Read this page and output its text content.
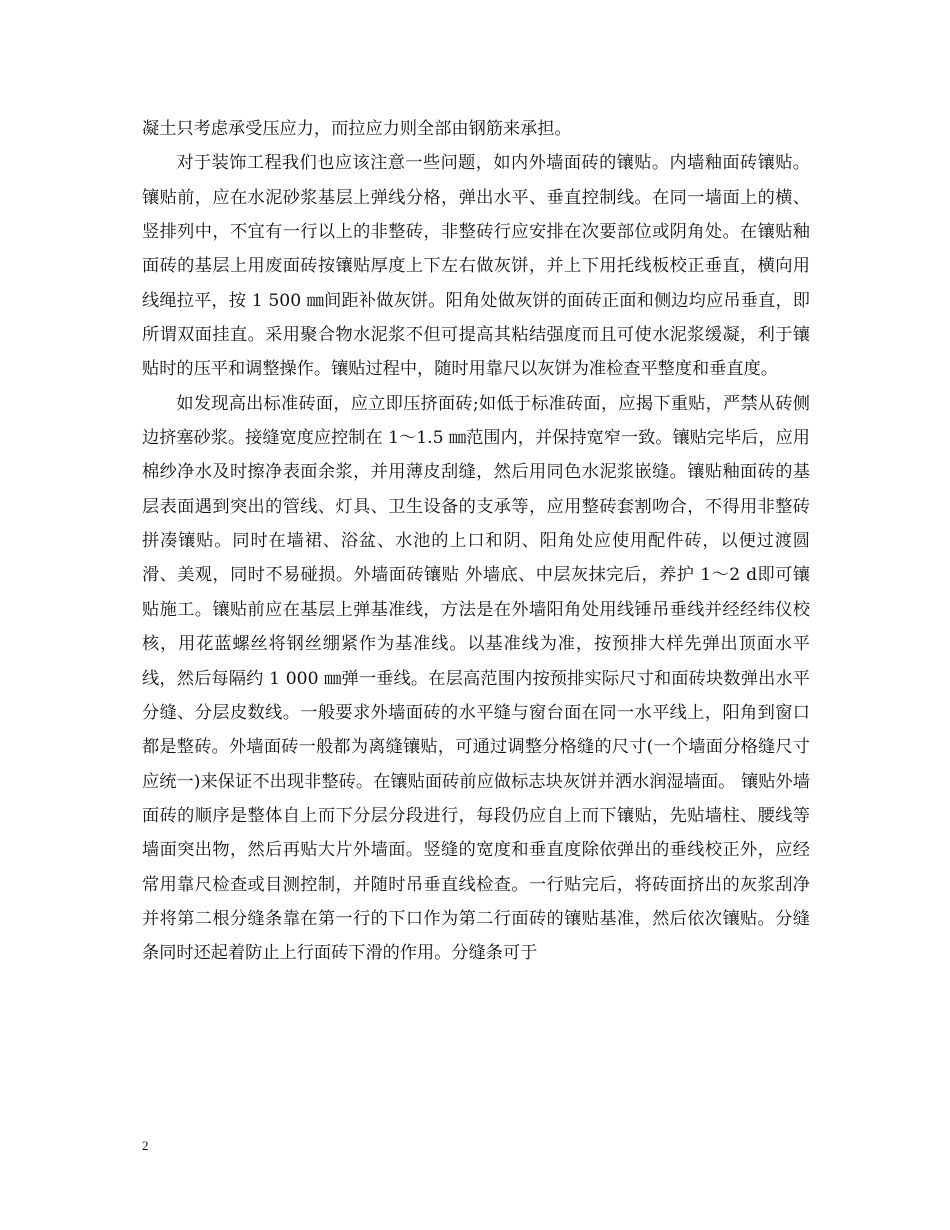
凝土只考虑承受压应力，而拉应力则全部由钢筋来承担。

对于装饰工程我们也应该注意一些问题，如内外墙面砖的镶贴。内墙釉面砖镶贴。镶贴前，应在水泥砂浆基层上弹线分格，弹出水平、垂直控制线。在同一墙面上的横、竖排列中，不宜有一行以上的非整砖，非整砖行应安排在次要部位或阴角处。在镶贴釉面砖的基层上用废面砖按镶贴厚度上下左右做灰饼，并上下用托线板校正垂直，横向用线绳拉平，按 1 500 ㎜间距补做灰饼。阳角处做灰饼的面砖正面和侧边均应吊垂直，即所谓双面挂直。采用聚合物水泥浆不但可提高其粘结强度而且可使水泥浆缓凝，利于镶贴时的压平和调整操作。镶贴过程中，随时用靠尺以灰饼为准检查平整度和垂直度。

如发现高出标准砖面，应立即压挤面砖;如低于标准砖面，应揭下重贴，严禁从砖侧边挤塞砂浆。接缝宽度应控制在 1～1.5 ㎜范围内，并保持宽窄一致。镶贴完毕后，应用棉纱净水及时擦净表面余浆，并用薄皮刮缝，然后用同色水泥浆嵌缝。镶贴釉面砖的基层表面遇到突出的管线、灯具、卫生设备的支承等，应用整砖套割吻合，不得用非整砖拼凑镶贴。同时在墙裙、浴盆、水池的上口和阴、阳角处应使用配件砖，以便过渡圆滑、美观，同时不易碰损。外墙面砖镶贴 外墙底、中层灰抹完后，养护 1～2 d即可镶贴施工。镶贴前应在基层上弹基准线，方法是在外墙阳角处用线锤吊垂线并经经纬仪校核，用花蓝螺丝将钢丝绷紧作为基准线。以基准线为准，按预排大样先弹出顶面水平线，然后每隔约 1 000 ㎜弹一垂线。在层高范围内按预排实际尺寸和面砖块数弹出水平分缝、分层皮数线。一般要求外墙面砖的水平缝与窗台面在同一水平线上，阳角到窗口都是整砖。外墙面砖一般都为离缝镶贴，可通过调整分格缝的尺寸(一个墙面分格缝尺寸应统一)来保证不出现非整砖。在镶贴面砖前应做标志块灰饼并洒水润湿墙面。 镶贴外墙面砖的顺序是整体自上而下分层分段进行，每段仍应自上而下镶贴，先贴墙柱、腰线等墙面突出物，然后再贴大片外墙面。竖缝的宽度和垂直度除依弹出的垂线校正外，应经常用靠尺检查或目测控制，并随时吊垂直线检查。一行贴完后，将砖面挤出的灰浆刮净并将第二根分缝条靠在第一行的下口作为第二行面砖的镶贴基准，然后依次镶贴。分缝条同时还起着防止上行面砖下滑的作用。分缝条可于

2
